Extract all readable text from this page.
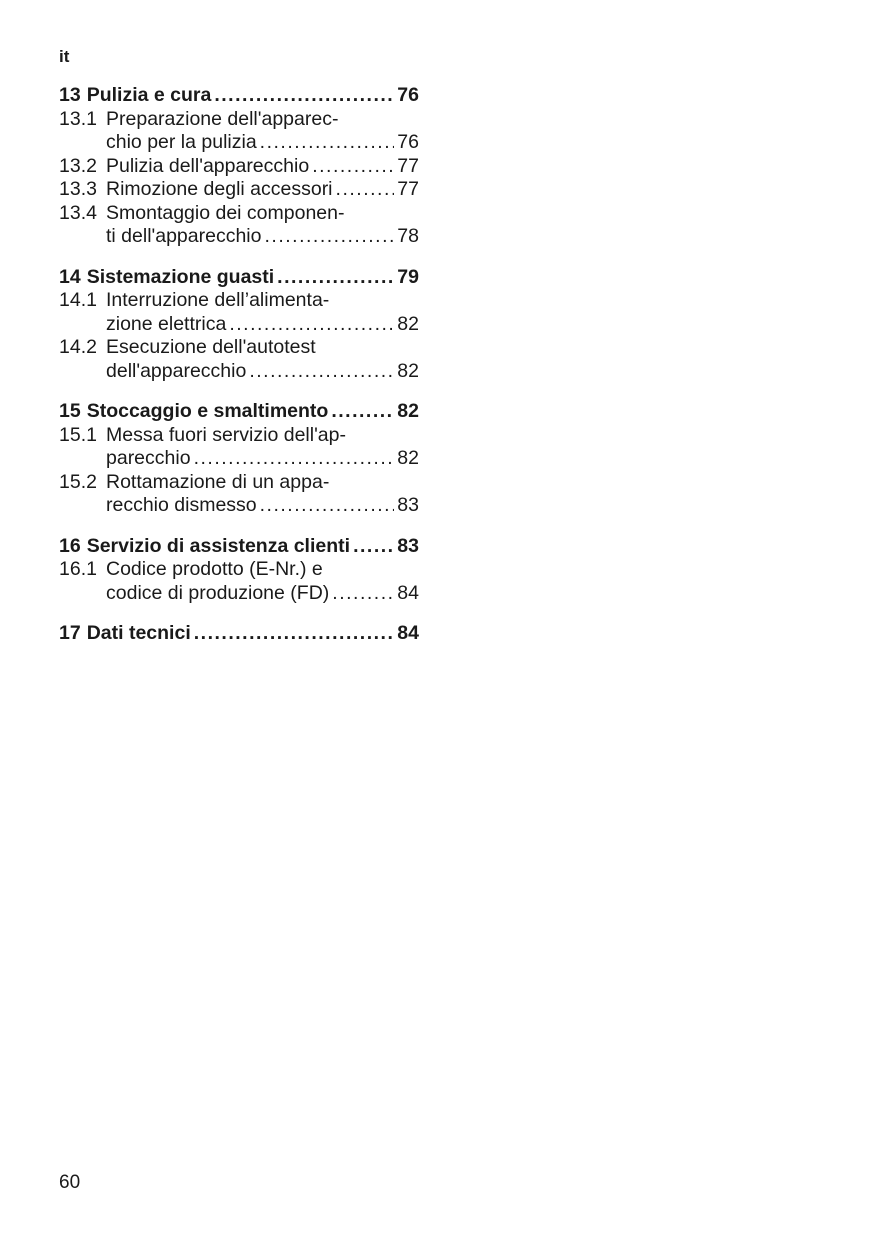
it
13 Pulizia e cura .....	76
13.1 Preparazione dell'apparec-
chio per la pulizia .....	76
13.2 Pulizia dell'apparecchio .....	77
13.3 Rimozione degli accessori .....	77
13.4 Smontaggio dei componen-
ti dell'apparecchio .....	78
14 Sistemazione guasti .....	79
14.1 Interruzione dell’alimenta-
zione elettrica .....	82
14.2 Esecuzione dell'autotest
dell'apparecchio .....	82
15 Stoccaggio e smaltimento .....	82
15.1 Messa fuori servizio dell'ap-
parecchio .....	82
15.2 Rottamazione di un appa-
recchio dismesso .....	83
16 Servizio di assistenza clienti ..... 83
16.1 Codice prodotto (E-Nr.) e
codice di produzione (FD) .....	84
17 Dati tecnici .....	84
60
